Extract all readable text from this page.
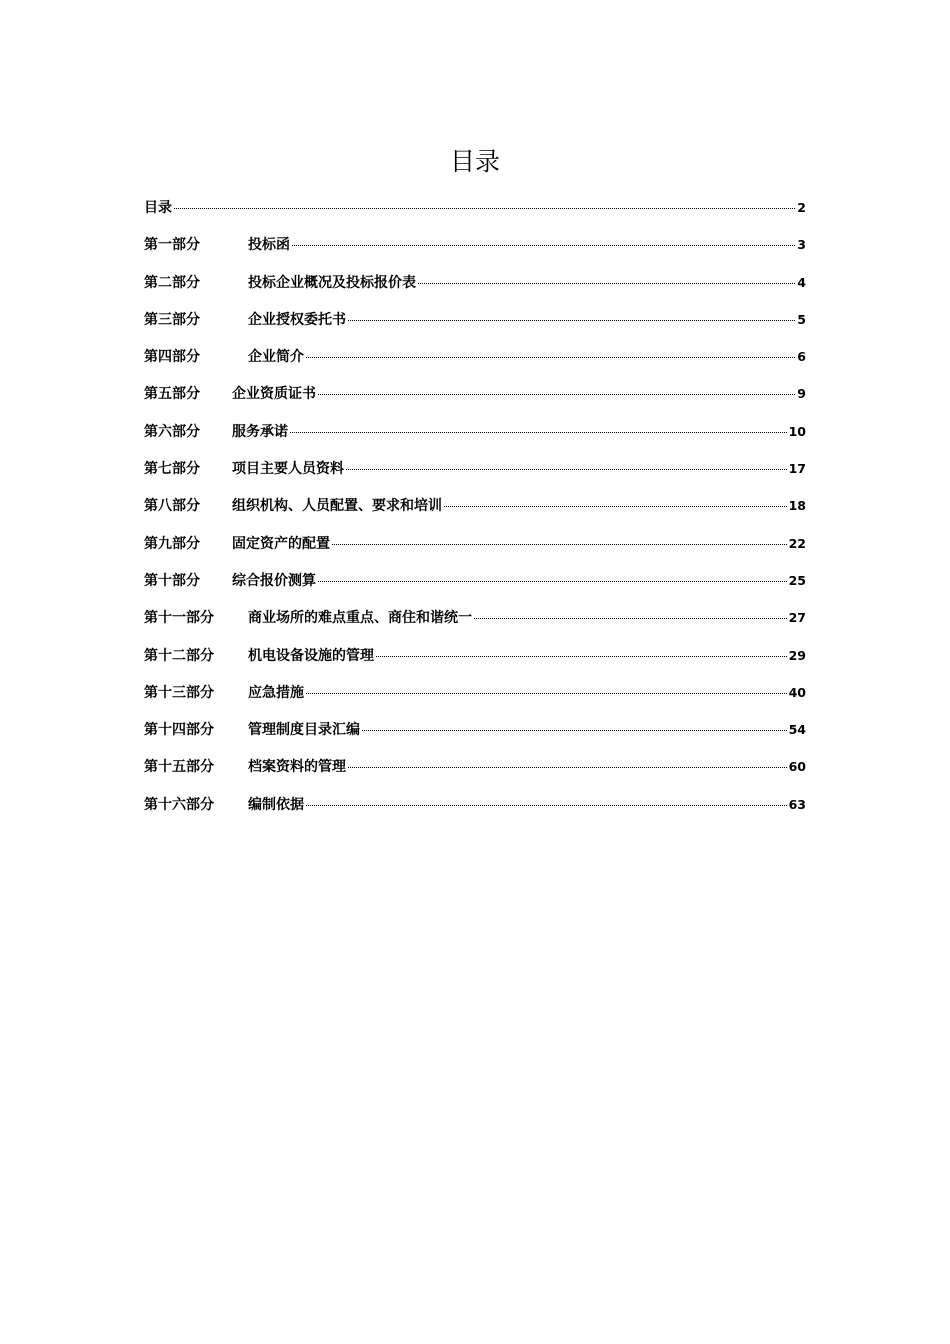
目录
目录	2
第一部分	投标函	3
第二部分	投标企业概况及投标报价表	4
第三部分	企业授权委托书	5
第四部分	企业简介	6
第五部分	企业资质证书	9
第六部分	服务承诺	10
第七部分	项目主要人员资料	17
第八部分	组织机构、人员配置、要求和培训	18
第九部分	固定资产的配置	22
第十部分	综合报价测算	25
第十一部分	商业场所的难点重点、商住和谐统一	27
第十二部分	机电设备设施的管理	29
第十三部分	应急措施	40
第十四部分	管理制度目录汇编	54
第十五部分	档案资料的管理	60
第十六部分	编制依据	63
